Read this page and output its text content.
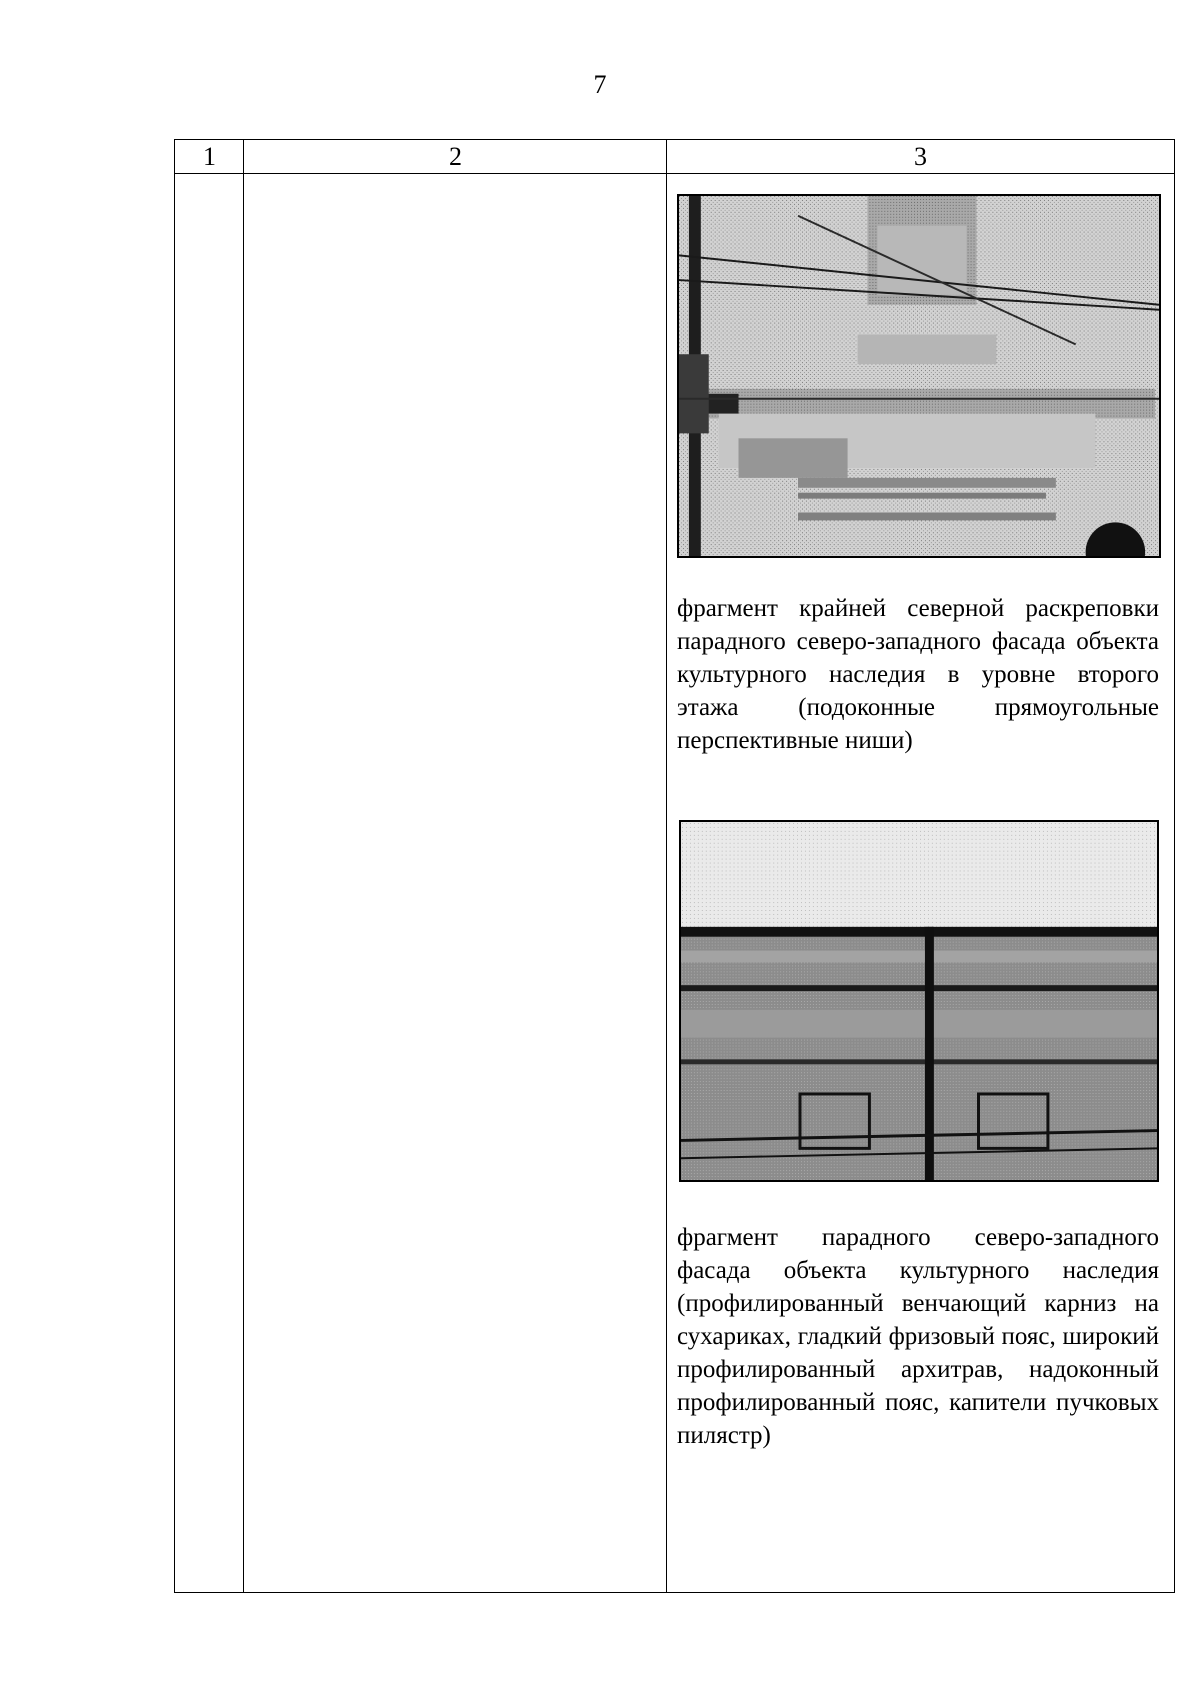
7
1	2	3
фрагмент крайней северной раскреповки парадного северо-западного фасада объекта культурного наследия в уровне второго этажа (подоконные прямоугольные перспективные ниши)
фрагмент парадного северо-западного фасада объекта культурного наследия (профилированный венчающий карниз на сухариках, гладкий фризовый пояс, широкий профилированный архитрав, надоконный профилированный пояс, капители пучковых пилястр)
